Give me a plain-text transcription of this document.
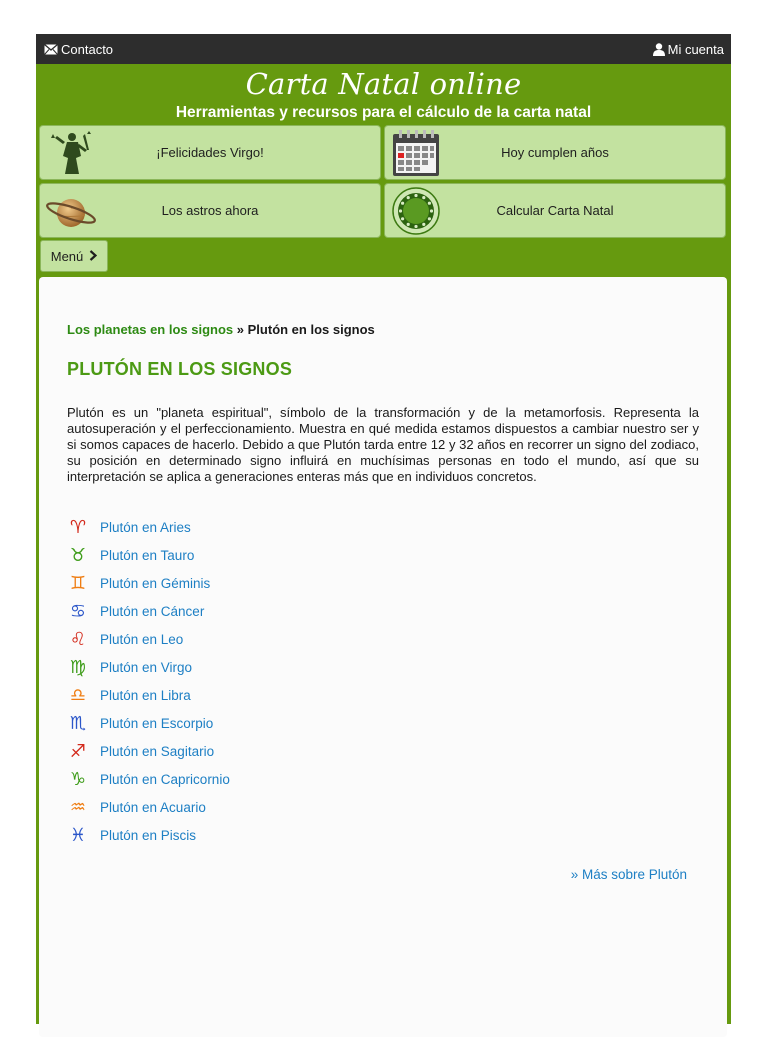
Contacto	Mi cuenta
Carta Natal online
Herramientas y recursos para el cálculo de la carta natal
¡Felicidades Virgo!	Hoy cumplen años
Los astros ahora	Calcular Carta Natal
Menú
Los planetas en los signos » Plutón en los signos
PLUTÓN EN LOS SIGNOS

Plutón es un "planeta espiritual", símbolo de la transformación y de la metamorfosis. Representa la autosuperación y el perfeccionamiento. Muestra en qué medida estamos dispuestos a cambiar nuestro ser y si somos capaces de hacerlo. Debido a que Plutón tarda entre 12 y 32 años en recorrer un signo del zodiaco, su posición en determinado signo influirá en muchísimas personas en todo el mundo, así que su interpretación se aplica a generaciones enteras más que en individuos concretos.

♈ Plutón en Aries
♉ Plutón en Tauro
♊ Plutón en Géminis
♋ Plutón en Cáncer
♌ Plutón en Leo
♍ Plutón en Virgo
♎ Plutón en Libra
♏ Plutón en Escorpio
♐ Plutón en Sagitario
♑ Plutón en Capricornio
♒ Plutón en Acuario
♓ Plutón en Piscis
» Más sobre Plutón
